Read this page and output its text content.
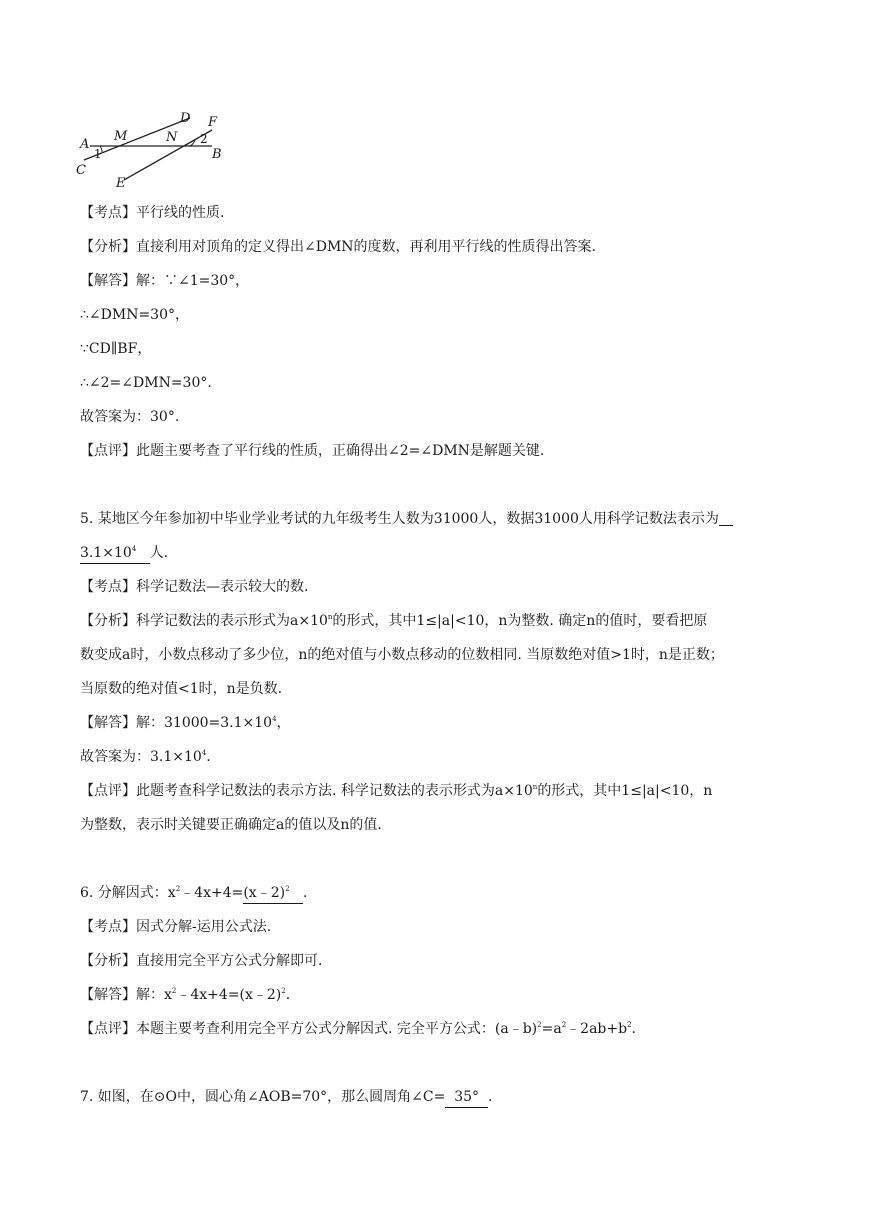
A
M
D
N
F
1
2
B
C
E
【考点】平行线的性质.
【分析】直接利用对顶角的定义得出∠DMN的度数，再利用平行线的性质得出答案.
【解答】解：∵∠1=30°，
∴∠DMN=30°，
∵CD∥BF，
∴∠2=∠DMN=30°.
故答案为：30°.
【点评】此题主要考查了平行线的性质，正确得出∠2=∠DMN是解题关键.
5. 某地区今年参加初中毕业学业考试的九年级考生人数为31000人，数据31000人用科学记数法表示为
$3.1\times 10^4$ 人.
【考点】科学记数法—表示较大的数.
【分析】科学记数法的表示形式为$a\times 10^n$的形式，其中1≤|a|<10，n为整数. 确定n的值时，要看把原
数变成a时，小数点移动了多少位，n的绝对值与小数点移动的位数相同. 当原数绝对值>1时，n是正数；
当原数的绝对值<1时，n是负数.
【解答】解：$31000=3.1\times 10^4$，
故答案为：$3.1\times 10^4$.
【点评】此题考查科学记数法的表示方法. 科学记数法的表示形式为$a\times 10^n$的形式，其中1≤|a|<10，n
为整数，表示时关键要正确确定a的值以及n的值.
6. 分解因式：$x^2﹣4x+4=(x﹣2)^2$ .
【考点】因式分解-运用公式法.
【分析】直接用完全平方公式分解即可.
【解答】解：$x^2﹣4x+4=(x﹣2)^2$.
【点评】本题主要考查利用完全平方公式分解因式. 完全平方公式：$(a﹣b)^2=a^2﹣2ab+b^2$.
7. 如图，在⊙O中，圆心角∠AOB=70°，那么圆周角∠C=  35°  .
